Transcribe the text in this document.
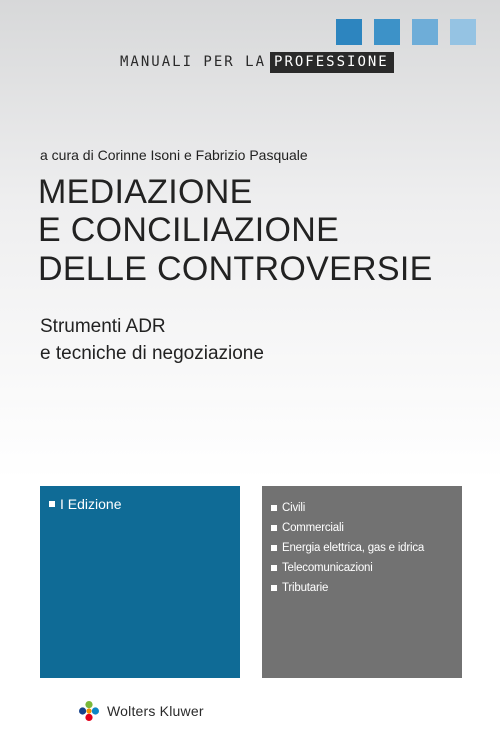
MANUALI PER LA PROFESSIONE
a cura di Corinne Isoni e Fabrizio Pasquale
MEDIAZIONE
E CONCILIAZIONE
DELLE CONTROVERSIE
Strumenti ADR
e tecniche di negoziazione
I Edizione	Civili
Commerciali
Energia elettrica, gas e idrica
Telecomunicazioni
Tributarie
Wolters Kluwer
